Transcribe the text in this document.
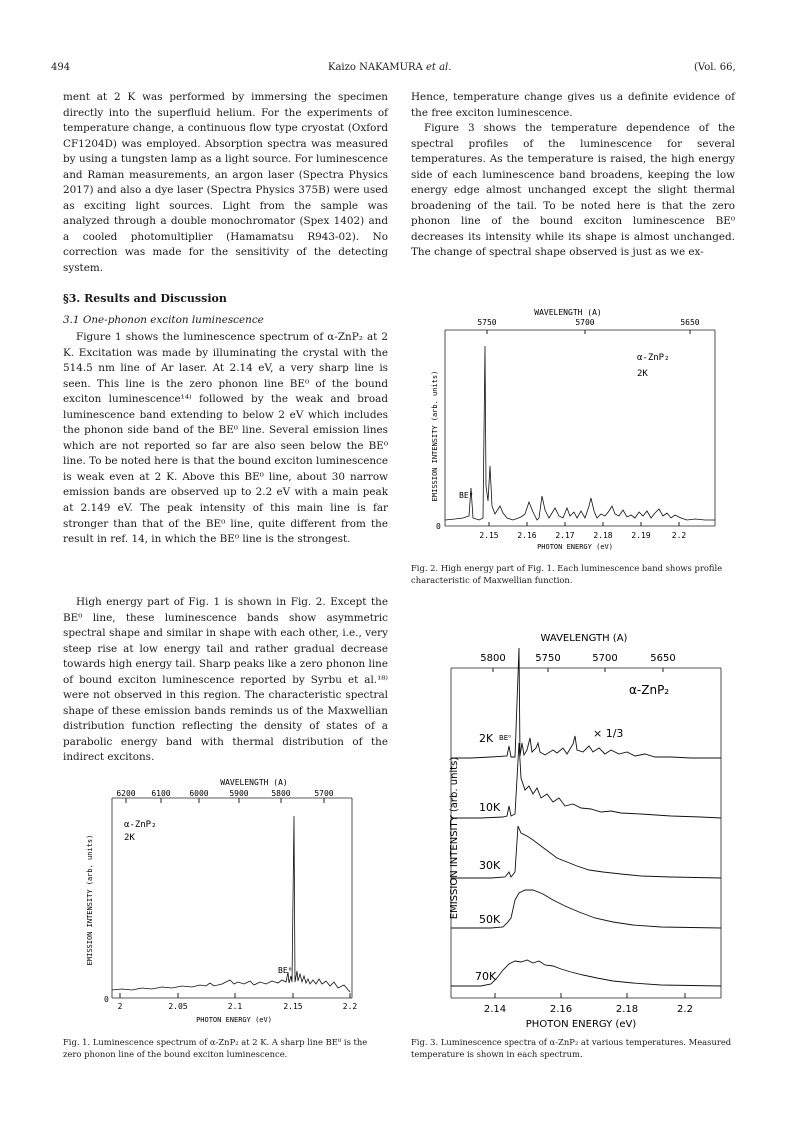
494	Kaizo NAKAMURA et al.	(Vol. 66,

ment at 2 K was performed by immersing the specimen directly into the superfluid helium. For the experiments of temperature change, a continuous flow type cryostat (Oxford CF1204D) was employed. Absorption spectra was measured by using a tungsten lamp as a light source. For luminescence and Raman measurements, an argon laser (Spectra Physics 2017) and also a dye laser (Spectra Physics 375B) were used as exciting light sources. Light from the sample was analyzed through a double monochromator (Spex 1402) and a cooled photomultiplier (Hamamatsu R943-02). No correction was made for the sensitivity of the detecting system.

§3. Results and Discussion
3.1 One-phonon exciton luminescence

Figure 1 shows the luminescence spectrum of α-ZnP₂ at 2 K. Excitation was made by illuminating the crystal with the 514.5 nm line of Ar laser. At 2.14 eV, a very sharp line is seen. This line is the zero phonon line BE⁰ of the bound exciton luminescence¹⁴⁾ followed by the weak and broad luminescence band extending to below 2 eV which includes the phonon side band of the BE⁰ line. Several emission lines which are not reported so far are also seen below the BE⁰ line. To be noted here is that the bound exciton luminescence is weak even at 2 K. Above this BE⁰ line, about 30 narrow emission bands are observed up to 2.2 eV with a main peak at 2.149 eV. The peak intensity of this main line is far stronger than that of the BE⁰ line, quite different from the result in ref. 14, in which the BE⁰ line is the strongest.

High energy part of Fig. 1 is shown in Fig. 2. Except the BE⁰ line, these luminescence bands show asymmetric spectral shape and similar in shape with each other, i.e., very steep rise at low energy tail and rather gradual decrease towards high energy tail. Sharp peaks like a zero phonon line of bound exciton luminescence reported by Syrbu et al.¹⁸⁾ were not observed in this region. The characteristic spectral shape of these emission bands reminds us of the Maxwellian distribution function reflecting the density of states of a parabolic energy band with thermal distribution of the indirect excitons.

Hence, temperature change gives us a definite evidence of the free exciton luminescence.

Figure 3 shows the temperature dependence of the spectral profiles of the luminescence for several temperatures. As the temperature is raised, the high energy side of each luminescence band broadens, keeping the low energy edge almost unchanged except the slight thermal broadening of the tail. To be noted here is that the zero phonon line of the bound exciton luminescence BE⁰ decreases its intensity while its shape is almost unchanged. The change of spectral shape observed is just as we ex-

WAVELENGTH (A)
6200 6100 6000	5900	5800	5700
0
2	2.05	2.1	2.15	2.2
PHOTON ENERGY (eV)
EMISSION INTENSITY (arb. units)
α-ZnP₂
2K
BE⁰
Fig. 1. Luminescence spectrum of α-ZnP₂ at 2 K. A sharp line BE⁰ is the zero phonon line of the bound exciton luminescence.
WAVELENGTH (A)
5750	5700	5650
0
2.15 2.16 2.17 2.18 2.19	2.2
PHOTON ENERGY (eV)
EMISSION INTENSITY (arb. units)
α-ZnP₂
2K
BE⁰
Fig. 2. High energy part of Fig. 1. Each luminescence band shows profile characteristic of Maxwellian function.
WAVELENGTH (A)
5800	5750	5700	5650
2.14	2.16	2.18	2.2
PHOTON ENERGY (eV)
EMISSION INTENSITY (arb. units)
α-ZnP₂
× 1/3
BE⁰
2K
10K
30K
50K
70K
Fig. 3. Luminescence spectra of α-ZnP₂ at various temperatures. Measured temperature is shown in each spectrum.
